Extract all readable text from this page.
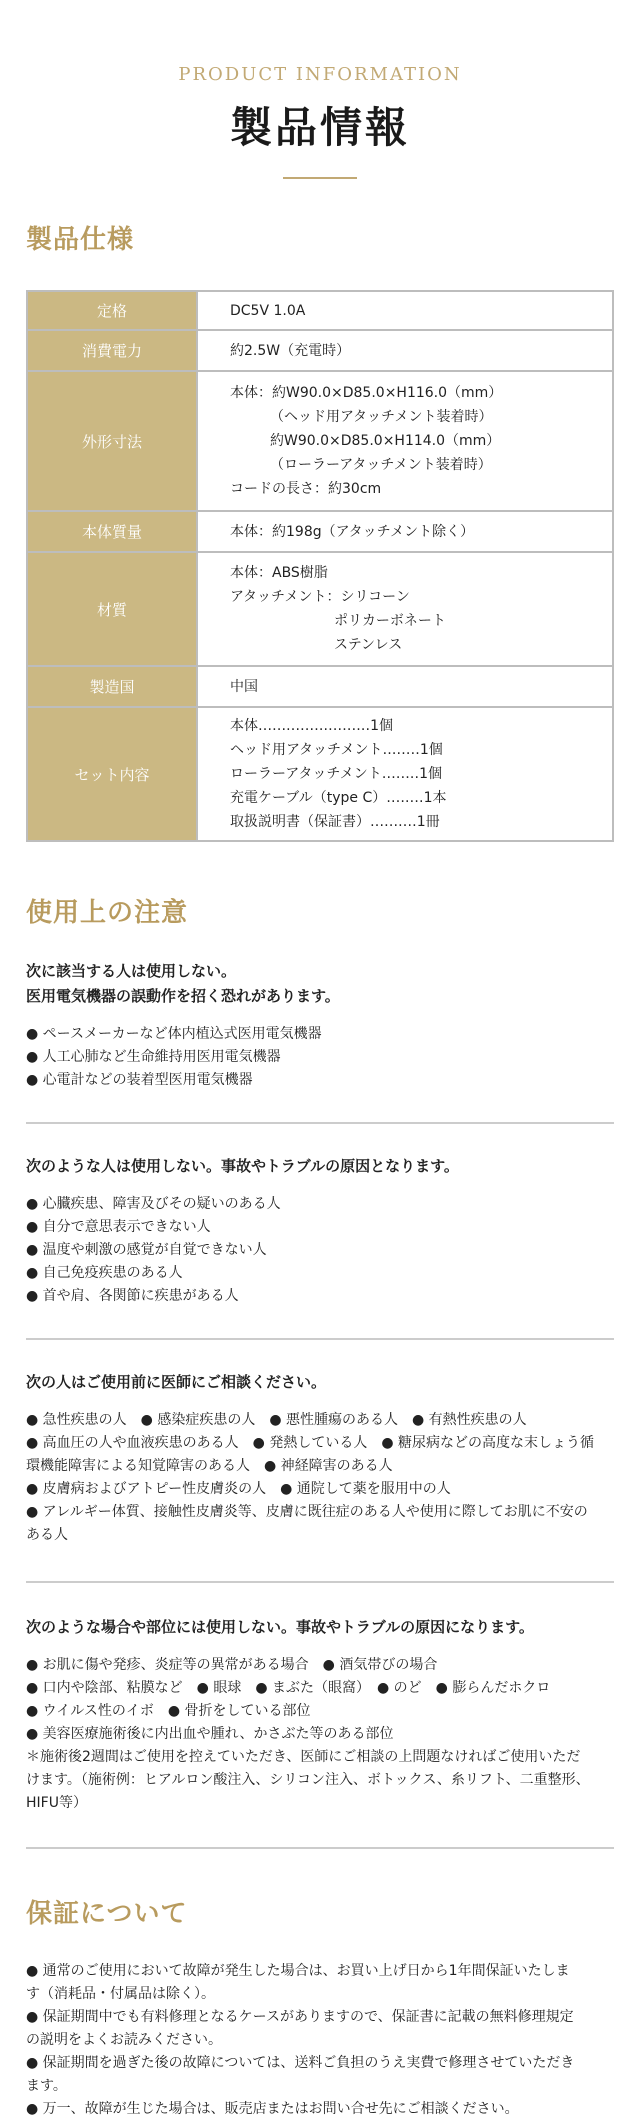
PRODUCT INFORMATION
製品情報
製品仕様
定格	DC5V 1.0A

消費電力	約2.5W（充電時）

外形寸法	本体：約W90.0×D85.0×H116.0（mm）
（ヘッド用アタッチメント装着時）
約W90.0×D85.0×H114.0（mm）
（ローラーアタッチメント装着時）
コードの長さ：約30cm

本体質量	本体：約198g（アタッチメント除く）

材質	本体：ABS樹脂
アタッチメント：シリコーン
ポリカーボネート
ステンレス

製造国	中国

セット内容	本体‥‥‥‥‥‥‥‥‥‥‥‥1個
ヘッド用アタッチメント‥‥‥‥1個
ローラーアタッチメント‥‥‥‥1個
充電ケーブル（type C）‥‥‥‥1本
取扱説明書（保証書）‥‥‥‥‥1冊
使用上の注意
次に該当する人は使用しない。
医用電気機器の誤動作を招く恐れがあります。
● ペースメーカーなど体内植込式医用電気機器
● 人工心肺など生命維持用医用電気機器
● 心電計などの装着型医用電気機器
次のような人は使用しない。事故やトラブルの原因となります。
● 心臓疾患、障害及びその疑いのある人
● 自分で意思表示できない人
● 温度や刺激の感覚が自覚できない人
● 自己免疫疾患のある人
● 首や肩、各関節に疾患がある人
次の人はご使用前に医師にご相談ください。
● 急性疾患の人　● 感染症疾患の人　● 悪性腫瘍のある人　● 有熱性疾患の人
● 高血圧の人や血液疾患のある人　● 発熱している人　● 糖尿病などの高度な末しょう循
環機能障害による知覚障害のある人　● 神経障害のある人
● 皮膚病およびアトピー性皮膚炎の人　● 通院して薬を服用中の人
● アレルギー体質、接触性皮膚炎等、皮膚に既往症のある人や使用に際してお肌に不安の
ある人
次のような場合や部位には使用しない。事故やトラブルの原因になります。
● お肌に傷や発疹、炎症等の異常がある場合　● 酒気帯びの場合
● 口内や陰部、粘膜など　● 眼球　● まぶた（眼窩）　● のど　● 膨らんだホクロ
● ウイルス性のイボ　● 骨折をしている部位
● 美容医療施術後に内出血や腫れ、かさぶた等のある部位
＊施術後2週間はご使用を控えていただき、医師にご相談の上問題なければご使用いただ
けます。（施術例：ヒアルロン酸注入、シリコン注入、ボトックス、糸リフト、二重整形、HIFU等）
保証について
● 通常のご使用において故障が発生した場合は、お買い上げ日から1年間保証いたしま
す（消耗品・付属品は除く）。
● 保証期間中でも有料修理となるケースがありますので、保証書に記載の無料修理規定
の説明をよくお読みください。
● 保証期間を過ぎた後の故障については、送料ご負担のうえ実費で修理させていただき
ます。
● 万一、故障が生じた場合は、販売店またはお問い合せ先にご相談ください。
